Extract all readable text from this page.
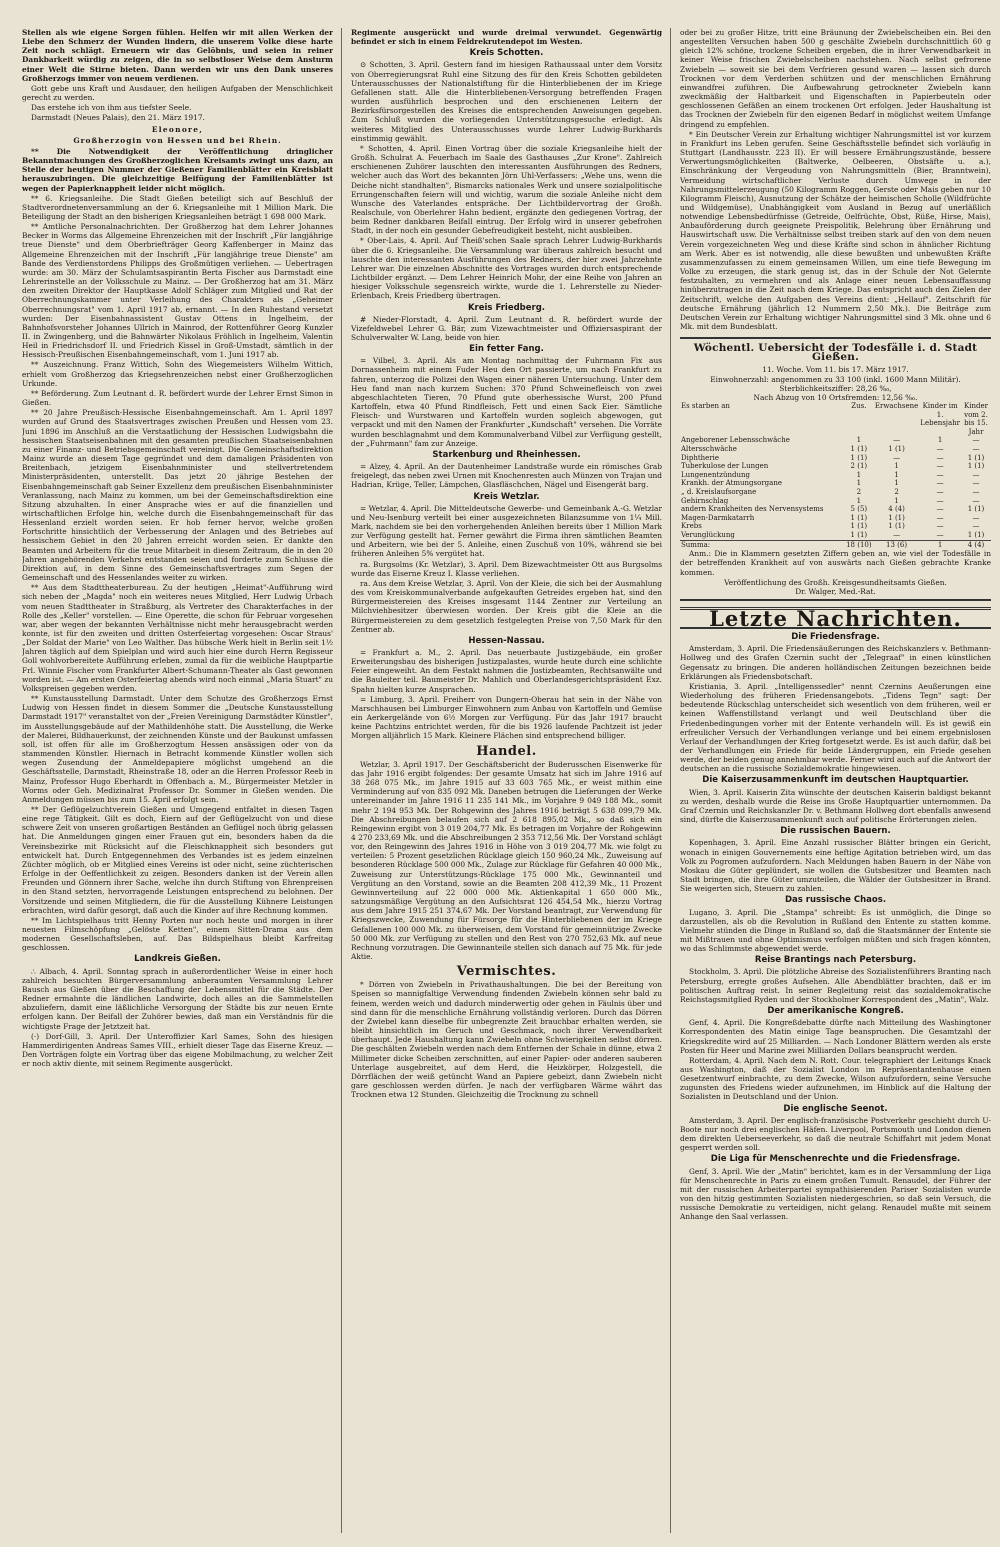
Stellen als wie eigene Sorgen fühlen. Helfen wir mit allen Werken der Liebe den Schmerz der Wunden lindern, die unserem Volke diese harte Zeit noch schlägt. Erneuern wir das Gelöbnis, und seien in reiner Dankbarkeit würdig zu zeigen, die in so selbstloser Weise dem Ansturm einer Welt die Stirne bieten. Dann werden wir uns den Dank unseres Großherzogs immer von neuem verdienen.

Gott gebe uns Kraft und Ausdauer, den heiligen Aufgaben der Menschlichkeit gerecht zu werden.

Das erstehe ich von ihm aus tiefster Seele.

Darmstadt (Neues Palais), den 21. März 1917.

Eleonore,
Großherzogin von Hessen und bei Rhein.

** Die Notwendigkeit der Veröffentlichung dringlicher Bekanntmachungen des Großherzoglichen Kreisamts zwingt uns dazu, an Stelle der heutigen Nummer der Gießener Familienblätter ein Kreisblatt herauszubringen. Die gleichzeitige Beifügung der Familienblätter ist wegen der Papierknappheit leider nicht möglich.

** 6. Kriegsanleihe. Die Stadt Gießen beteiligt sich auf Beschluß der Stadtverordnetenversammlung an der 6. Kriegsanleihe mit 1 Million Mark. Die Beteiligung der Stadt an den bisherigen Kriegsanleihen beträgt 1 698 000 Mark.

** Amtliche Personalnachrichten. Der Großherzog hat dem Lehrer Johannes Becker in Worms das Allgemeine Ehrenzeichen mit der Inschrift „Für langjährige treue Dienste" und dem Oberbriefträger Georg Kaffenberger in Mainz das Allgemeine Ehrenzeichen mit der Inschrift „Für langjährige treue Dienste" am Bande des Verdienstordens Philipps des Großmütigen verliehen. — Uebertragen wurde: am 30. März der Schulamtsaspirantin Berta Fischer aus Darmstadt eine Lehrerinstelle an der Volksschule zu Mainz. — Der Großherzog hat am 31. März den zweiten Direktor der Hauptkasse Adolf Schläger zum Mitglied und Rat der Oberrechnungskammer unter Verleihung des Charakters als „Geheimer Oberrechnungsrat" vom 1. April 1917 ab, ernannt. — In den Ruhestand versetzt wurden: Der Eisenbahnassistent Gustav Ottens in Ingelheim, der Bahnhofsvorsteher Johannes Ullrich in Mainrod, der Rottenführer Georg Kunzler II. in Zwingenberg, und die Bahnwärter Nikolaus Fröhlich in Ingelheim, Valentin Heil in Friedrichsdorf II. und Friedrich Kissel in Groß-Umstadt, sämtlich in der Hessisch-Preußischen Eisenbahngemeinschaft, vom 1. Juni 1917 ab.

** Auszeichnung. Franz Wittich, Sohn des Wiegemeisters Wilhelm Wittich, erhielt vom Großherzog das Kriegsehrenzeichen nebst einer Großherzoglichen Urkunde.

** Beförderung. Zum Leutnant d. R. befördert wurde der Lehrer Ernst Simon in Gießen.

** 20 Jahre Preußisch-Hessische Eisenbahngemeinschaft. Am 1. April 1897 wurden auf Grund des Staatsvertrages zwischen Preußen und Hessen vom 23. Juni 1896 im Anschluß an die Verstaatlichung der Hessischen Ludwigsbahn die hessischen Staatseisenbahnen mit den gesamten preußischen Staatseisenbahnen zu einer Finanz- und Betriebsgemeinschaft vereinigt. Die Gemeinschaftsdirektion Mainz wurde an diesem Tage gegründet und dem damaligen Präsidenten von Breitenbach, jetzigem Eisenbahnminister und stellvertretendem Ministerpräsidenten, unterstellt. Das jetzt 20 jährige Bestehen der Eisenbahngemeinschaft gab Seiner Exzellenz dem preußischen Eisenbahnminister Veranlassung, nach Mainz zu kommen, um bei der Gemeinschaftsdirektion eine Sitzung abzuhalten. In einer Ansprache wies er auf die finanziellen und wirtschaftlichen Erfolge hin, welche durch die Eisenbahngemeinschaft für das Hessenland erzielt worden seien. Er hob ferner hervor, welche großen Fortschritte hinsichtlich der Verbesserung der Anlagen und des Betriebes auf hessischem Gebiet in den 20 Jahren erreicht worden seien. Er dankte den Beamten und Arbeitern für die treue Mitarbeit in diesem Zeitraum, die in den 20 Jahren angehörenden Verkehrs entstanden seien und forderte zum Schlusse die Direktion auf, in dem Sinne des Gemeinschaftsvertrages zum Segen der Gemeinschaft und des Hessenlandes weiter zu wirken.

** Aus dem Stadttheaterbureau. Zu der heutigen „Heimat"-Aufführung wird sich neben der „Magda" noch ein weiteres neues Mitglied, Herr Ludwig Urbach vom neuen Stadttheater in Straßburg, als Vertreter des Charakterfaches in der Rolle des „Keller" vorstellen. — Eine Operette, die schon für Februar vorgesehen war, aber wegen der bekannten Verhältnisse nicht mehr herausgebracht werden konnte, ist für den zweiten und dritten Osterfeiertag vorgesehen: Oscar Straus' „Der Soldat der Marie" von Leo Walther. Das hübsche Werk hielt in Berlin seit 1½ Jahren täglich auf dem Spielplan und wird auch hier eine durch Herrn Regisseur Goll wohlvorbereitete Aufführung erleben, zumal da für die weibliche Hauptpartie Frl. Winnie Fischer vom Frankfurter Albert-Schumann-Theater als Gast gewonnen worden ist. — Am ersten Osterfeiertag abends wird noch einmal „Maria Stuart" zu Volkspreisen gegeben werden.

** Kunstausstellung Darmstadt. Unter dem Schutze des Großherzogs Ernst Ludwig von Hessen findet in diesem Sommer die „Deutsche Kunstausstellung Darmstadt 1917" veranstaltet von der „Freien Vereinigung Darmstädter Künstler", im Ausstellungsgebäude auf der Mathildenhöhe statt. Die Ausstellung, die Werke der Malerei, Bildhauerkunst, der zeichnenden Künste und der Baukunst umfassen soll, ist offen für alle im Großherzogtum Hessen ansässigen oder von da stammenden Künstler. Hiernach in Betracht kommende Künstler wollen sich wegen Zusendung der Anmeldepapiere möglichst umgehend an die Geschäftsstelle, Darmstadt, Rheinstraße 18, oder an die Herren Professor Reeb in Mainz, Professor Hugo Eberhardt in Offenbach a. M., Bürgermeister Metzler in Worms oder Geh. Medizinalrat Professor Dr. Sommer in Gießen wenden. Die Anmeldungen müssen bis zum 15. April erfolgt sein.

** Der Geflügelzuchtverein Gießen und Umgegend entfaltet in diesen Tagen eine rege Tätigkeit. Gilt es doch, Eiern auf der Geflügelzucht von und diese schwere Zeit von unseren großartigen Beständen an Geflügel noch übrig gelassen hat. Die Anmeldungen gingen einer Frauen gut ein, besonders haben da die Vereinsbezirke mit Rücksicht auf die Fleischknappheit sich besonders gut entwickelt hat. Durch Entgegennehmen des Verbandes ist es jedem einzelnen Züchter möglich, ob er Mitglied eines Vereins ist oder nicht, seine züchterischen Erfolge in der Oeffentlichkeit zu zeigen. Besonders danken ist der Verein allen Freunden und Gönnern ihrer Sache, welche ihn durch Stiftung von Ehrenpreisen in den Stand setzten, hervorragende Leistungen entsprechend zu belohnen. Der Vorsitzende und seinen Mitgliedern, die für die Ausstellung Kühnere Leistungen erbrachten, wird dafür gesorgt, daß auch die Kinder auf ihre Rechnung kommen.

** Im Lichtspielhaus tritt Henny Porten nur noch heute und morgen in ihrer neuesten Filmschöpfung „Gelöste Ketten", einem Sitten-Drama aus dem modernen Gesellschaftsleben, auf. Das Bildspielhaus bleibt Karfreitag geschlossen.

Landkreis Gießen.

∴ Albach, 4. April. Sonntag sprach in außerordentlicher Weise in einer hoch zahlreich besuchten Bürgerversammlung anberaumten Versammlung Lehrer Bausch aus Gießen über die Beschaffung der Lebensmittel für die Städte. Der Redner ermahnte die ländlichen Landwirte, doch alles an die Sammelstellen abzuliefern, damit eine läßlichliche Versorgung der Städte bis zur neuen Ernte erfolgen kann. Der Beifall der Zuhörer bewies, daß man ein Verständnis für die wichtigste Frage der Jetztzeit hat.

(·) Dorf-Gill, 3. April. Der Unteroffizier Karl Sames, Sohn des hiesigen Hammerdirigenten Andreas Sames VIII., erhielt dieser Tage das Eiserne Kreuz. — Den Vorträgen folgte ein Vortrag über das eigene Mobilmachung, zu welcher Zeit er noch aktiv diente, mit seinem Regimente ausgerückt.

Regimente ausgerückt und wurde dreimal verwundet. Gegenwärtig befindet er sich in einem Feldrekrutendepot im Westen.

Kreis Schotten.

⊙ Schotten, 3. April. Gestern fand im hiesigen Rathaussaal unter dem Vorsitz von Oberregierungsrat Ruhl eine Sitzung des für den Kreis Schotten gebildeten Unterausschusses der Nationalstiftung für die Hinterbliebenen der im Kriege Gefallenen statt. Alle die Hinterbliebenen-Versorgung betreffenden Fragen wurden ausführlich besprochen und den erschienenen Leitern der Bezirksfürsorgestellen des Kreises die entsprechenden Anweisungen gegeben. Zum Schluß wurden die vorliegenden Unterstützungsgesuche erledigt. Als weiteres Mitglied des Unterausschusses wurde Lehrer Ludwig-Burkhards einstimmig gewählt.

* Schotten, 4. April. Einen Vortrag über die soziale Kriegsanleihe hielt der Großh. Schulrat A. Feuerbach im Saale des Gasthauses „Zur Krone". Zahlreich erschienenen Zuhörer lauschten den interessanten Ausführungen des Redners, welcher auch das Wort des bekannten Jörn Uhl-Verfassers: „Wehe uns, wenn die Deiche nicht standhalten", Bismarcks nationales Werk und unsere sozialpolitische Errungenschaften feiern will und wichtig, warum die soziale Anleihe nicht dem Wunsche des Vaterlandes entspräche. Der Lichtbildervortrag der Großh. Realschule, von Oberlehrer Hahn bedient, ergänzte den gediegenen Vortrag, der beim Redner dankbaren Beifall eintrug. Der Erfolg wird in unserer gebefrohen Stadt, in der noch ein gesunder Gebefreudigkeit besteht, nicht ausbleiben.

* Ober-Lais, 4. April. Auf Theiß'schen Saale sprach Lehrer Ludwig-Burkhards über die 6. Kriegsanleihe. Die Versammlung war überaus zahlreich besucht und lauschte den interessanten Ausführungen des Redners, der hier zwei Jahrzehnte Lehrer war. Die einzelnen Abschnitte des Vortrages wurden durch entsprechende Lichtbilder ergänzt. — Dem Lehrer Heinrich Mohr, der eine Reihe von Jahren an hiesiger Volksschule segensreich wirkte, wurde die 1. Lehrerstelle zu Nieder-Erlenbach, Kreis Friedberg übertragen.

Kreis Friedberg.

# Nieder-Florstadt, 4. April. Zum Leutnant d. R. befördert wurde der Vizefeldwebel Lehrer G. Bär, zum Vizewachtmeister und Offiziersaspirant der Schulverwalter W. Lang, beide von hier.

Ein fetter Fang.

= Vilbel, 3. April. Als am Montag nachmittag der Fuhrmann Fix aus Dornassenheim mit einem Fuder Heu den Ort passierte, um nach Frankfurt zu fahren, unterzog die Polizei den Wagen einer näheren Untersuchung. Unter dem Heu fand man nach kurzem Suchen: 370 Pfund Schweinefleisch von zwei abgeschlachteten Tieren, 70 Pfund gute oberhessische Wurst, 200 Pfund Kartoffeln, etwa 40 Pfund Rindfleisch, Fett und einen Sack Eier. Sämtliche Fleisch- und Wurstwaren und Kartoffeln wurden sogleich abgewogen, gut verpackt und mit den Namen der Frankfurter „Kundschaft" versehen. Die Vorräte wurden beschlagnahmt und dem Kommunalverband Vilbel zur Verfügung gestellt, der „Fuhrmann" fam zur Anzeige.

Starkenburg und Rheinhessen.

= Alzey, 4. April. An der Dautenheimer Landstraße wurde ein römisches Grab freigelegt, das neben zwei Urnen mit Knochenresten auch Münzen von Trajan und Hadrian, Krüge, Teller, Lämpchen, Glasfläschchen, Nägel und Eisengerät barg.

Kreis Wetzlar.

= Wetzlar, 4. April. Die Mitteldeutsche Gewerbe- und Gemeinbank A.-G. Wetzlar und Neu-Isenburg verteilt bei einer ausgezeichneten Bilanzsumme von 1¼ Mill. Mark, nachdem sie bei den vorhergehenden Anleihen bereits über 1 Million Mark zur Verfügung gestellt hat. Ferner gewährt die Firma ihren sämtlichen Beamten und Arbeitern, wie bei der 5. Anleihe, einen Zuschuß von 10%, während sie bei früheren Anleihen 5% vergütet hat.

ra. Burgsolms (Kr. Wetzlar), 3. April. Dem Bizewachtmeister Ott aus Burgsolms wurde das Eiserne Kreuz I. Klasse verliehen.

ra. Aus dem Kreise Wetzlar, 3. April. Von der Kleie, die sich bei der Ausmahlung des vom Kreiskommunalverbande aufgekauften Getreides ergeben hat, sind den Bürgermeistereien des Kreises insgesamt 1144 Zentner zur Verteilung an Milchviehbesitzer überwiesen worden. Der Kreis gibt die Kleie an die Bürgermeistereien zu dem gesetzlich festgelegten Preise von 7,50 Mark für den Zentner ab.

Hessen-Nassau.

= Frankfurt a. M., 2. April. Das neuerbaute Justizgebäude, ein großer Erweiterungsbau des bisherigen Justizpalastes, wurde heute durch eine schlichte Feier eingeweiht. An dem Festakt nahmen die Justizbeamten, Rechtsanwälte und die Bauleiter teil. Baumeister Dr. Mahlich und Oberlandesgerichtspräsident Exz. Spahn hielten kurze Ansprachen.

= Limburg, 3. April. Freiherr von Dungern-Oberau hat sein in der Nähe von Marschhausen bei Limburger Einwohnern zum Anbau von Kartoffeln und Gemüse ein Aerkergelände von 6½ Morgen zur Verfügung. Für das Jahr 1917 braucht keine Pachtzins entrichtet werden, für die bis 1926 laufende Pachtzeit ist jeder Morgen alljährlich 15 Mark. Kleinere Flächen sind entsprechend billiger.

Handel.

Wetzlar, 3. April 1917. Der Geschäftsbericht der Buderusschen Eisenwerke für das Jahr 1916 ergibt folgendes: Der gesamte Umsatz hat sich im Jahre 1916 auf 38 268 075 Mk., im Jahre 1915 auf 33 603 765 Mk., er weist mithin eine Verminderung auf von 835 092 Mk. Daneben betrugen die Lieferungen der Werke untereinander im Jahre 1916 11 235 141 Mk., im Vorjahre 9 049 188 Mk., somit mehr 2 194 953 Mk. Der Rohgewinn des Jahres 1916 beträgt 5 638 099,79 Mk. Die Abschreibungen belaufen sich auf 2 618 895,02 Mk., so daß sich ein Reingewinn ergibt von 3 019 204,77 Mk. Es betragen im Vorjahre der Rohgewinn 4 270 233,69 Mk. und die Abschreibungen 2 353 712,56 Mk. Der Vorstand schlägt vor, den Reingewinn des Jahres 1916 in Höhe von 3 019 204,77 Mk. wie folgt zu verteilen: 5 Prozent gesetzlichen Rücklage gleich 150 960,24 Mk., Zuweisung auf besonderen Rücklage 500 000 Mk., Zulage zur Rücklage für Gefahren 40 000 Mk., Zuweisung zur Unterstützungs-Rücklage 175 000 Mk., Gewinnanteil und Vergütung an den Vorstand, sowie an die Beamten 208 412,39 Mk., 11 Prozent Gewinnverteilung auf 22 000 000 Mk. Aktienkapital 1 650 000 Mk., satzungsmäßige Vergütung an den Aufsichtsrat 126 454,54 Mk., hierzu Vortrag aus dem Jahre 1915 251 374,67 Mk. Der Vorstand beantragt, zur Verwendung für Kriegszwecke, Zuwendung für Fürsorge für die Hinterbliebenen der im Kriege Gefallenen 100 000 Mk. zu überweisen, dem Vorstand für gemeinnützige Zwecke 50 000 Mk. zur Verfügung zu stellen und den Rest von 270 752,63 Mk. auf neue Rechnung vorzutragen. Die Gewinnanteile stellen sich danach auf 75 Mk. für jede Aktie.

Vermischtes.

* Dörren von Zwiebeln in Privathaushaltungen. Die bei der Bereitung von Speisen so mannigfaltige Verwendung findenden Zwiebeln können sehr bald zu feinem, werden weich und dadurch minderwertig oder gehen in Fäulnis über und sind dann für die menschliche Ernährung vollständig verloren. Durch das Dörren der Zwiebel kann dieselbe für unbegrenzte Zeit brauchbar erhalten werden, sie bleibt hinsichtlich im Geruch und Geschmack, noch ihrer Verwendbarkeit überhaupt. Jede Haushaltung kann Zwiebeln ohne Schwierigkeiten selbst dörren. Die geschälten Zwiebeln werden nach dem Entfernen der Schale in dünne, etwa 2 Millimeter dicke Scheiben zerschnitten, auf einer Papier- oder anderen sauberen Unterlage ausgebreitet, auf dem Herd, die Heizkörper, Holzgestell, die Dörrflächen der weiß getüncht Wand an Papiere gebeizt, dann Zwiebeln nicht gare geschlossen werden dürfen. Je nach der verfügbaren Wärme währt das Trocknen etwa 12 Stunden. Gleichzeitig die Trocknung zu schnell

oder bei zu großer Hitze, tritt eine Bräunung der Zwiebelscheiben ein. Bei den angestellten Versuchen haben 500 g geschälte Zwiebeln durchschnittlich 60 g gleich 12% schöne, trockene Scheiben ergeben, die in ihrer Verwendbarkeit in keiner Weise frischen Zwiebelscheiben nachstehen. Nach selbst gefrorene Zwiebeln — soweit sie bei dem Verfrieren gesund waren — lassen sich durch Trocknen vor dem Verderben schützen und der menschlichen Ernährung einwandfrei zuführen. Die Aufbewahrung getrockneter Zwiebeln kann zweckmäßig der Haltbarkeit und Eigenschaften in Papierbeuteln oder geschlossenen Gefäßen an einem trockenen Ort erfolgen. Jeder Haushaltung ist das Trocknen der Zwiebeln für den eigenen Bedarf in möglichst weitem Umfange dringend zu empfehlen.

* Ein Deutscher Verein zur Erhaltung wichtiger Nahrungsmittel ist vor kurzem in Frankfurt ins Leben gerufen. Seine Geschäftsstelle befindet sich vorläufig in Stuttgart (Landhausstr. 223 II). Er will bessere Ernährungszustände, bessere Verwertungsmöglichkeiten (Baltwerke, Oelbeeren, Obstsäfte u. a.), Einschränkung der Vergeudung von Nahrungsmitteln (Bier, Branntwein), Vermeidung wirtschaftlicher Verluste durch Umwege in der Nahrungsmittelerzeugung (50 Kilogramm Roggen, Gerste oder Mais geben nur 10 Kilogramm Fleisch), Ausnutzung der Schätze der heimischen Scholle (Wildfrüchte und Wildgemüse), Unabhängigkeit vom Ausland in Bezug auf unerläßlich notwendige Lebensbedürfnisse (Getreide, Oelfrüchte, Obst, Rüße, Hirse, Mais), Anbauförderung durch geeignete Preispolitik, Belehrung über Ernährung und Hauswirtschaft usw. Die Verhältnisse selbst treiben stark auf den von dem neuen Verein vorgezeichneten Weg und diese Kräfte sind schon in ähnlicher Richtung am Werk. Aber es ist notwendig, alle diese bewußten und unbewußten Kräfte zusammenzufassen zu einem gemeinsamen Willen, um eine tiefe Bewegung im Volke zu erzeugen, die stark genug ist, das in der Schule der Not Gelernte festzuhalten, zu vermehren und als Anlage einer neuen Lebensauffassung hinüberzutragen in die Zeit nach dem Kriege. Das entspricht auch den Zielen der Zeitschrift, welche den Aufgaben des Vereins dient: „Hellauf". Zeitschrift für deutsche Ernährung (jährlich 12 Nummern 2,50 Mk.). Die Beiträge zum Deutschen Verein zur Erhaltung wichtiger Nahrungsmittel sind 3 Mk. ohne und 6 Mk. mit dem Bundesblatt.

Wöchentl. Uebersicht der Todesfälle i. d. Stadt Gießen.
11. Woche. Vom 11. bis 17. März 1917.
Einwohnerzahl: angenommen zu 33 100 (inkl. 1600 Mann Militär).
Sterblichkeitsziffer: 28,26 ‰,
Nach Abzug von 10 Ortsfremden: 12,56 ‰.
Es starben an	Zus.	Erwachsene	Kinder im 1. Lebensjahr	Kinder vom 2. bis 15. Jahr
Angeborener Lebensschwäche	1	—	1	—
Altersschwäche	1 (1)	1 (1)	—	—
Diphtherie	1 (1)	—	—	1 (1)
Tuberkulose der Lungen	2 (1)	1	—	1 (1)
Lungenentzündung	1	1	—	—
Krankh. der Atmungsorgane	1	1	—	—
„ d. Kreislaufsorgane	2	2	—	—
Gehirnschlag	1	1	—	—
andern Krankheiten des Nervensystems	5 (5)	4 (4)	—	1 (1)
Magen-Darmkatarrh	1 (1)	1 (1)	—	—
Krebs	1 (1)	1 (1)	—	—
Verunglückung	1 (1)	—	—	1 (1)
Summa:	18 (10)	13 (6)	1	4 (4)

Anm.: Die in Klammern gesetzten Ziffern geben an, wie viel der Todesfälle in der betreffenden Krankheit auf von auswärts nach Gießen gebrachte Kranke kommen.

Veröffentlichung des Großh. Kreisgesundheitsamts Gießen.
Dr. Walger, Med.-Rat.
Letzte Nachrichten.
Die Friedensfrage.

Amsterdam, 3. April. Die Friedensäußerungen des Reichskanzlers v. Bethmann-Hollweg und des Grafen Czernin sucht der „Telegraaf" in einen künstlichen Gegensatz zu bringen. Die anderen holländischen Zeitungen bezeichnen beide Erklärungen als Friedensbotschaft.

Kristiania, 3. April. „Intelligenssedler" nennt Czernins Aeußerungen eine Wiederholung des früheren Friedensangebots. „Tidens Tegn" sagt: Der bedeutende Rückschlag unterscheidet sich wesentlich von dem früheren, weil er keinen Waffenstillstand verlangt und weil Deutschland über die Friedenbedingungen vorher mit der Entente verhandeln will. Es ist gewiß ein erfreulicher Versuch der Verhandlungen verlange und bei einem ergebnislosen Verlauf der Verhandlungen der Krieg fortgesetzt werde. Es ist auch dafür, daß bei der Verhandlungen ein Friede für beide Ländergruppen, ein Friede gesehen werde, der beiden genug annehmbar werde. Ferner wird auch auf die Antwort der deutschen an die russische Sozialdemokratie hingewiesen.

Die Kaiserzusammenkunft im deutschen Hauptquartier.

Wien, 3. April. Kaiserin Zita wünschte der deutschen Kaiserin baldigst bekannt zu werden, deshalb wurde die Reise ins Große Hauptquartier unternommen. Da Graf Czernin und Reichskanzler Dr. v. Bethmann Hollweg dort ebenfalls anwesend sind, dürfte die Kaiserzusammenkunft auch auf politische Erörterungen zielen.

Die russischen Bauern.

Kopenhagen, 3. April. Eine Anzahl russischer Blätter bringen ein Gericht, wonach in einigen Gouvernements eine heftige Agitation betrieben wird, um das Volk zu Pogromen aufzufordern. Nach Meldungen haben Bauern in der Nähe von Moskau die Güter geplündert, sie wollen die Gutsbesitzer und Beamten nach Stadt bringen, die ihre Güter umzuteilen, die Wälder der Gutsbesitzer in Brand. Sie weigerten sich, Steuern zu zahlen.

Das russische Chaos.

Lugano, 3. April. Die „Stampa" schreibt: Es ist unmöglich, die Dinge so darzustellen, als ob die Revolution in Rußland den Entente zu statten komme. Vielmehr stünden die Dinge in Rußland so, daß die Staatsmänner der Entente sie mit Mißtrauen und ohne Optimismus verfolgen müßten und sich fragen könnten, wo das Schlimmste abgewendet werde.

Reise Brantings nach Petersburg.

Stockholm, 3. April. Die plötzliche Abreise des Sozialistenführers Branting nach Petersburg, erregte großes Aufsehen. Alle Abendblätter brachten, daß er im politischen Auftrag reist. In seiner Begleitung reist das sozialdemokratische Reichstagsmitglied Ryden und der Stockholmer Korrespondent des „Matin", Walz.

Der amerikanische Kongreß.

Genf, 4. April. Die Kongreßdebatte dürfte nach Mitteilung des Washingtoner Korrespondenten des Matin einige Tage beanspruchen. Die Gesamtzahl der Kriegskredite wird auf 25 Milliarden. — Nach Londoner Blättern werden als erste Posten für Heer und Marine zwei Milliarden Dollars beansprucht werden.

Rotterdam, 4. April. Nach dem N. Rott. Cour. telegraphiert der Leitungs Knack aus Washington, daß der Sozialist London im Repräsentantenhause einen Gesetzentwurf einbrachte, zu dem Zwecke, Wilson aufzufordern, seine Versuche zugunsten des Friedens wieder aufzunehmen, im Hinblick auf die Haltung der Sozialisten in Deutschland und der Union.

Die englische Seenot.

Amsterdam, 3. April. Der englisch-französische Postverkehr geschieht durch U-Boote nur noch drei englischen Häfen. Liverpool, Portsmouth und London dienen dem direkten Ueberseeverkehr, so daß die neutrale Schiffahrt mit jedem Monat gesperrt werden soll.

Die Liga für Menschenrechte und die Friedensfrage.

Genf, 3. April. Wie der „Matin" berichtet, kam es in der Versammlung der Liga für Menschenrechte in Paris zu einem großen Tumult. Renaudel, der Führer der mit der russischen Arbeiterpartei sympathisierenden Pariser Sozialisten wurde von den hitzig gestimmten Sozialisten niedergeschrien, so daß sein Versuch, die russische Demokratie zu verteidigen, nicht gelang. Renaudel mußte mit seinem Anhange den Saal verlassen.
